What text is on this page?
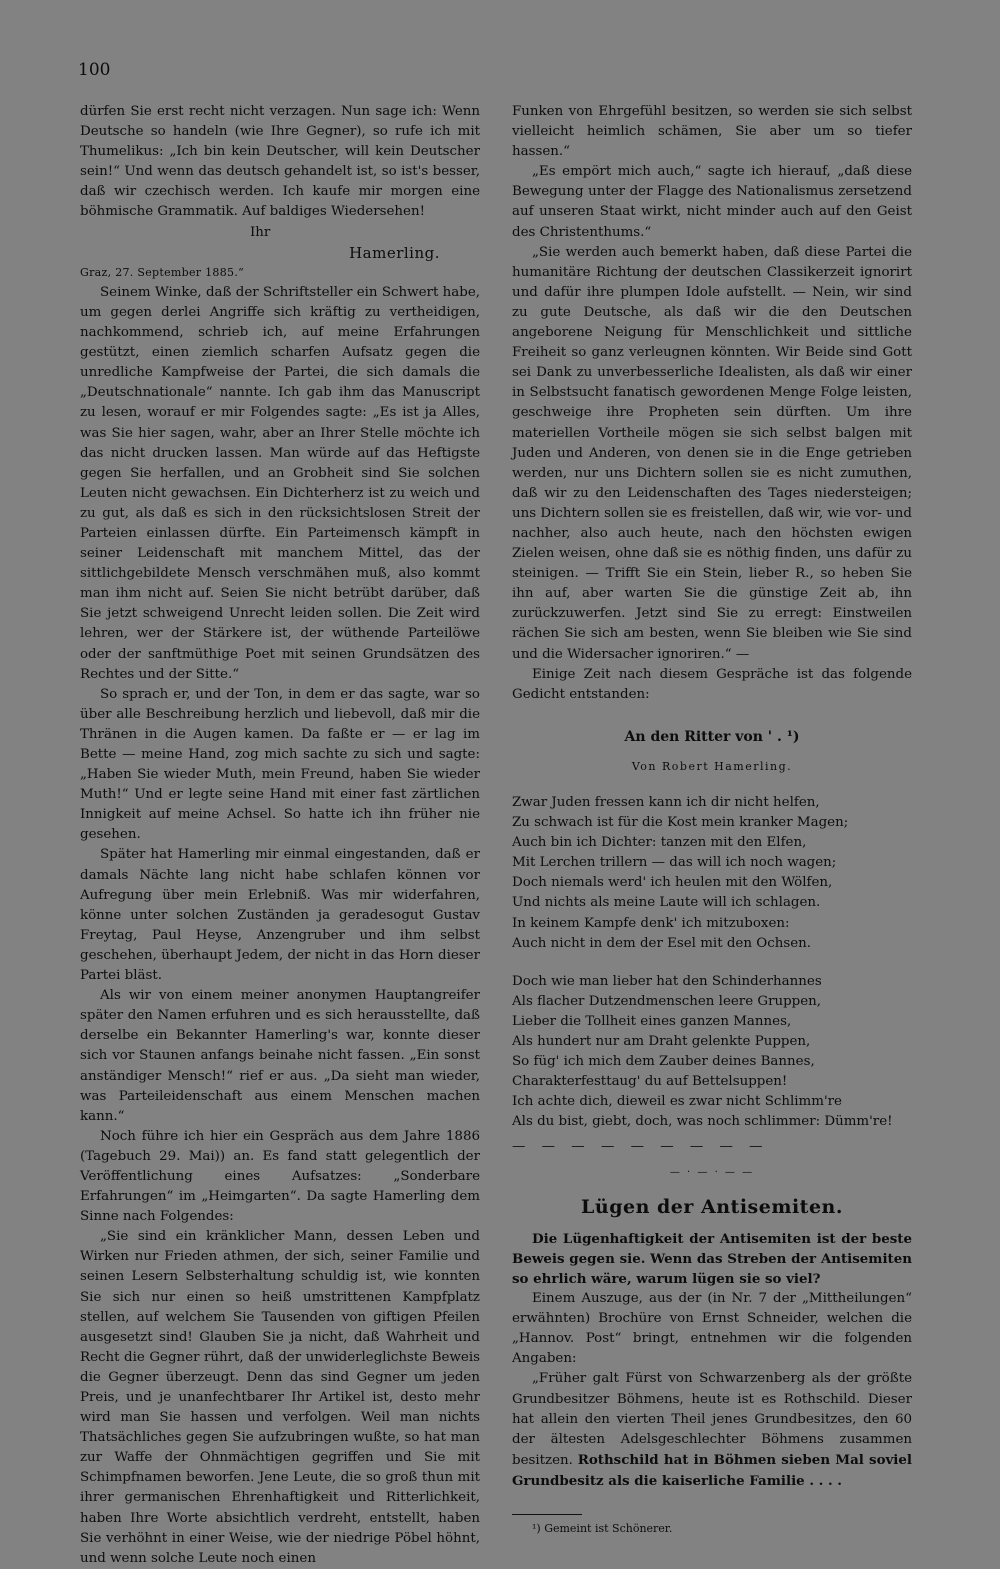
100

dürfen Sie erst recht nicht verzagen. Nun sage ich: Wenn Deutsche so handeln (wie Ihre Gegner), so rufe ich mit Thumelikus: „Ich bin kein Deutscher, will kein Deutscher sein!“ Und wenn das deutsch gehandelt ist, so ist's besser, daß wir czechisch werden. Ich kaufe mir morgen eine böhmische Grammatik. Auf baldiges Wiedersehen!

Ihr
Hamerling.
Graz, 27. September 1885.“

Seinem Winke, daß der Schriftsteller ein Schwert habe, um gegen derlei Angriffe sich kräftig zu vertheidigen, nachkommend, schrieb ich, auf meine Erfahrungen gestützt, einen ziemlich scharfen Aufsatz gegen die unredliche Kampfweise der Partei, die sich damals die „Deutschnationale“ nannte. Ich gab ihm das Manuscript zu lesen, worauf er mir Folgendes sagte: „Es ist ja Alles, was Sie hier sagen, wahr, aber an Ihrer Stelle möchte ich das nicht drucken lassen. Man würde auf das Heftigste gegen Sie herfallen, und an Grobheit sind Sie solchen Leuten nicht gewachsen. Ein Dichterherz ist zu weich und zu gut, als daß es sich in den rücksichtslosen Streit der Parteien einlassen dürfte. Ein Parteimensch kämpft in seiner Leidenschaft mit manchem Mittel, das der sittlichgebildete Mensch verschmähen muß, also kommt man ihm nicht auf. Seien Sie nicht betrübt darüber, daß Sie jetzt schweigend Unrecht leiden sollen. Die Zeit wird lehren, wer der Stärkere ist, der wüthende Parteilöwe oder der sanftmüthige Poet mit seinen Grundsätzen des Rechtes und der Sitte.“

So sprach er, und der Ton, in dem er das sagte, war so über alle Beschreibung herzlich und liebevoll, daß mir die Thränen in die Augen kamen. Da faßte er — er lag im Bette — meine Hand, zog mich sachte zu sich und sagte: „Haben Sie wieder Muth, mein Freund, haben Sie wieder Muth!“ Und er legte seine Hand mit einer fast zärtlichen Innigkeit auf meine Achsel. So hatte ich ihn früher nie gesehen.

Später hat Hamerling mir einmal eingestanden, daß er damals Nächte lang nicht habe schlafen können vor Aufregung über mein Erlebniß. Was mir widerfahren, könne unter solchen Zuständen ja geradesogut Gustav Freytag, Paul Heyse, Anzengruber und ihm selbst geschehen, überhaupt Jedem, der nicht in das Horn dieser Partei bläst.

Als wir von einem meiner anonymen Hauptangreifer später den Namen erfuhren und es sich herausstellte, daß derselbe ein Bekannter Hamerling's war, konnte dieser sich vor Staunen anfangs beinahe nicht fassen. „Ein sonst anständiger Mensch!“ rief er aus. „Da sieht man wieder, was Parteileidenschaft aus einem Menschen machen kann.“

Noch führe ich hier ein Gespräch aus dem Jahre 1886 (Tagebuch 29. Mai)) an. Es fand statt gelegentlich der Veröffentlichung eines Aufsatzes: „Sonderbare Erfahrungen“ im „Heimgarten“. Da sagte Hamerling dem Sinne nach Folgendes:

„Sie sind ein kränklicher Mann, dessen Leben und Wirken nur Frieden athmen, der sich, seiner Familie und seinen Lesern Selbsterhaltung schuldig ist, wie konnten Sie sich nur einen so heiß umstrittenen Kampfplatz stellen, auf welchem Sie Tausenden von giftigen Pfeilen ausgesetzt sind! Glauben Sie ja nicht, daß Wahrheit und Recht die Gegner rührt, daß der unwiderleglichste Beweis die Gegner überzeugt. Denn das sind Gegner um jeden Preis, und je unanfechtbarer Ihr Artikel ist, desto mehr wird man Sie hassen und verfolgen. Weil man nichts Thatsächliches gegen Sie aufzubringen wußte, so hat man zur Waffe der Ohnmächtigen gegriffen und Sie mit Schimpfnamen beworfen. Jene Leute, die so groß thun mit ihrer germanischen Ehrenhaftigkeit und Ritterlichkeit, haben Ihre Worte absichtlich verdreht, entstellt, haben Sie verhöhnt in einer Weise, wie der niedrige Pöbel höhnt, und wenn solche Leute noch einen

Funken von Ehrgefühl besitzen, so werden sie sich selbst vielleicht heimlich schämen, Sie aber um so tiefer hassen.“

„Es empört mich auch,“ sagte ich hierauf, „daß diese Bewegung unter der Flagge des Nationalismus zersetzend auf unseren Staat wirkt, nicht minder auch auf den Geist des Christenthums.“

„Sie werden auch bemerkt haben, daß diese Partei die humanitäre Richtung der deutschen Classikerzeit ignorirt und dafür ihre plumpen Idole aufstellt. — Nein, wir sind zu gute Deutsche, als daß wir die den Deutschen angeborene Neigung für Menschlichkeit und sittliche Freiheit so ganz verleugnen könnten. Wir Beide sind Gott sei Dank zu unverbesserliche Idealisten, als daß wir einer in Selbstsucht fanatisch gewordenen Menge Folge leisten, geschweige ihre Propheten sein dürften. Um ihre materiellen Vortheile mögen sie sich selbst balgen mit Juden und Anderen, von denen sie in die Enge getrieben werden, nur uns Dichtern sollen sie es nicht zumuthen, daß wir zu den Leidenschaften des Tages niedersteigen; uns Dichtern sollen sie es freistellen, daß wir, wie vor- und nachher, also auch heute, nach den höchsten ewigen Zielen weisen, ohne daß sie es nöthig finden, uns dafür zu steinigen. — Trifft Sie ein Stein, lieber R., so heben Sie ihn auf, aber warten Sie die günstige Zeit ab, ihn zurückzuwerfen. Jetzt sind Sie zu erregt: Einstweilen rächen Sie sich am besten, wenn Sie bleiben wie Sie sind und die Widersacher ignoriren.“ —

Einige Zeit nach diesem Gespräche ist das folgende Gedicht entstanden:

An den Ritter von ' . ¹)
Von Robert Hamerling.
Zwar Juden fressen kann ich dir nicht helfen,
Zu schwach ist für die Kost mein kranker Magen;
Auch bin ich Dichter: tanzen mit den Elfen,
Mit Lerchen trillern — das will ich noch wagen;
Doch niemals werd' ich heulen mit den Wölfen,
Und nichts als meine Laute will ich schlagen.
In keinem Kampfe denk' ich mitzuboxen:
Auch nicht in dem der Esel mit den Ochsen.
Doch wie man lieber hat den Schinderhannes
Als flacher Dutzendmenschen leere Gruppen,
Lieber die Tollheit eines ganzen Mannes,
Als hundert nur am Draht gelenkte Puppen,
So füg' ich mich dem Zauber deines Bannes,
Charakterfesttaug' du auf Bettelsuppen!
Ich achte dich, dieweil es zwar nicht Schlimm're
Als du bist, giebt, doch, was noch schlimmer: Dümm're!
— — — — — — — — —
— · — · — —
Lügen der Antisemiten.

Die Lügenhaftigkeit der Antisemiten ist der beste Beweis gegen sie. Wenn das Streben der Antisemiten so ehrlich wäre, warum lügen sie so viel?

Einem Auszuge, aus der (in Nr. 7 der „Mittheilungen“ erwähnten) Brochüre von Ernst Schneider, welchen die „Hannov. Post“ bringt, entnehmen wir die folgenden Angaben:

„Früher galt Fürst von Schwarzenberg als der größte Grundbesitzer Böhmens, heute ist es Rothschild. Dieser hat allein den vierten Theil jenes Grundbesitzes, den 60 der ältesten Adelsgeschlechter Böhmens zusammen besitzen. Rothschild hat in Böhmen sieben Mal soviel Grundbesitz als die kaiserliche Familie . . . .

¹) Gemeint ist Schönerer.
